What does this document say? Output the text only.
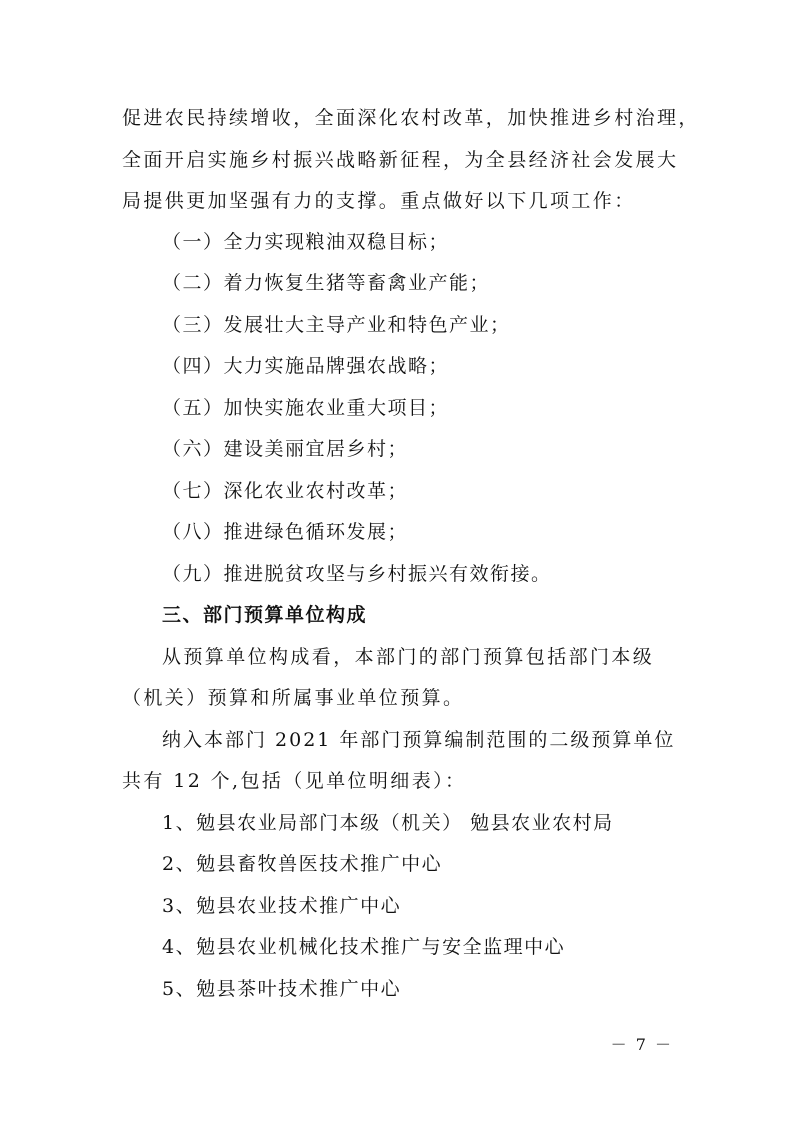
促进农民持续增收，全面深化农村改革，加快推进乡村治理，
全面开启实施乡村振兴战略新征程，为全县经济社会发展大
局提供更加坚强有力的支撑。重点做好以下几项工作：
（一）全力实现粮油双稳目标；
（二）着力恢复生猪等畜禽业产能；
（三）发展壮大主导产业和特色产业；
（四）大力实施品牌强农战略；
（五）加快实施农业重大项目；
（六）建设美丽宜居乡村；
（七）深化农业农村改革；
（八）推进绿色循环发展；
（九）推进脱贫攻坚与乡村振兴有效衔接。
三、部门预算单位构成
从预算单位构成看，本部门的部门预算包括部门本级
（机关）预算和所属事业单位预算。
纳入本部门 2021 年部门预算编制范围的二级预算单位
共有 12 个,包括（见单位明细表）：
1、勉县农业局部门本级（机关） 勉县农业农村局
2、勉县畜牧兽医技术推广中心
3、勉县农业技术推广中心
4、勉县农业机械化技术推广与安全监理中心
5、勉县茶叶技术推广中心
－ 7 －
